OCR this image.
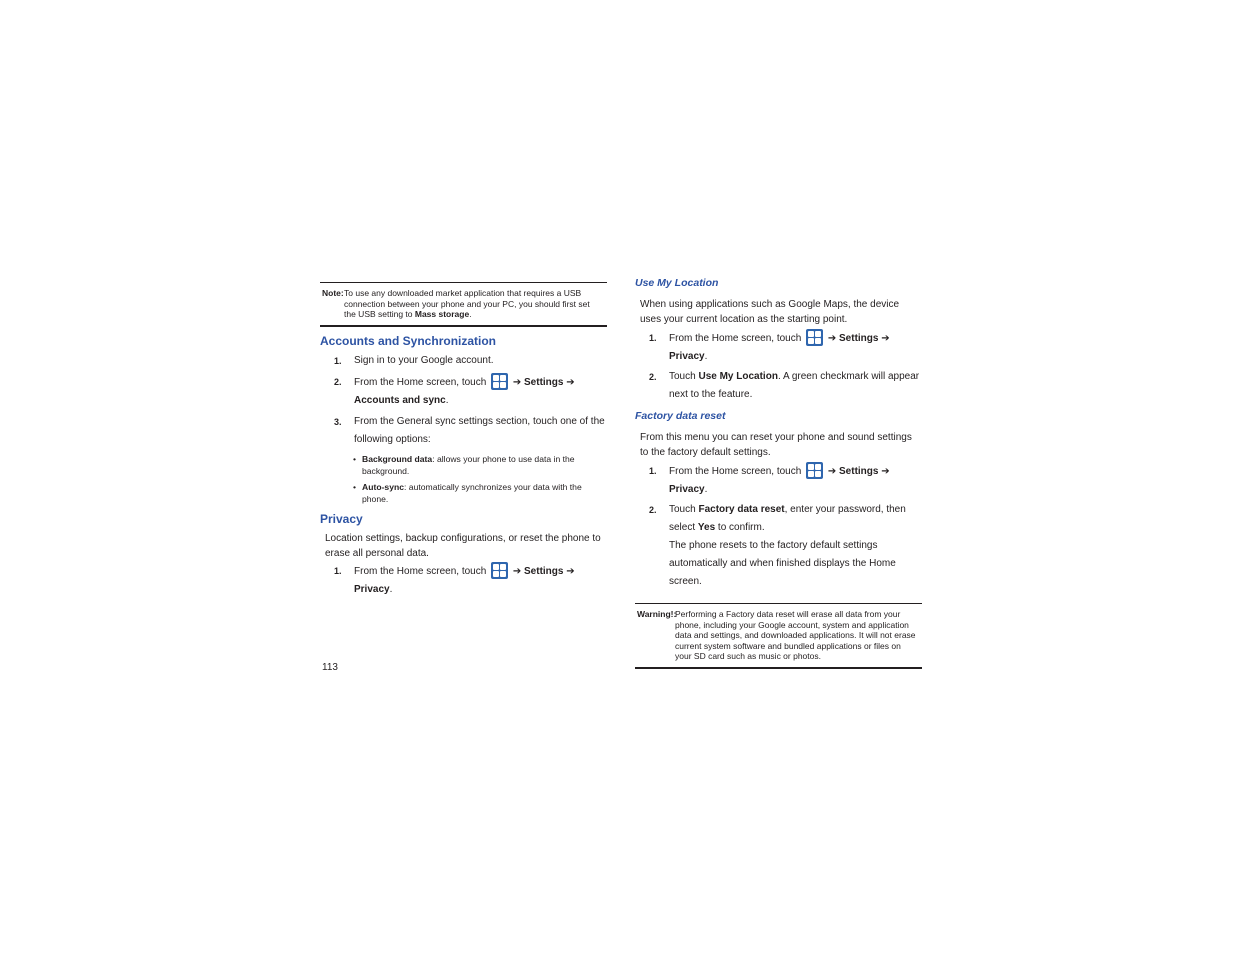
Note: To use any downloaded market application that requires a USB connection between your phone and your PC, you should first set the USB setting to Mass storage.
Accounts and Synchronization
1. Sign in to your Google account.
2. From the Home screen, touch	➔ Settings ➔ Accounts and sync.
3. From the General sync settings section, touch one of the following options:
• Background data: allows your phone to use data in the background.
• Auto-sync: automatically synchronizes your data with the phone.
Privacy

Location settings, backup configurations, or reset the phone to erase all personal data.

1. From the Home screen, touch	➔ Settings ➔ Privacy.
Use My Location

When using applications such as Google Maps, the device uses your current location as the starting point.

1. From the Home screen, touch	➔ Settings ➔ Privacy.
2. Touch Use My Location. A green checkmark will appear next to the feature.
Factory data reset

From this menu you can reset your phone and sound settings to the factory default settings.

1. From the Home screen, touch	➔ Settings ➔ Privacy.
2. Touch Factory data reset, enter your password, then select Yes to confirm.
The phone resets to the factory default settings automatically and when finished displays the Home screen.
Warning!:
Performing a Factory data reset will erase all data from your phone, including your Google account, system and application data and settings, and downloaded applications. It will not erase current system software and bundled applications or files on your SD card such as music or photos.
113
